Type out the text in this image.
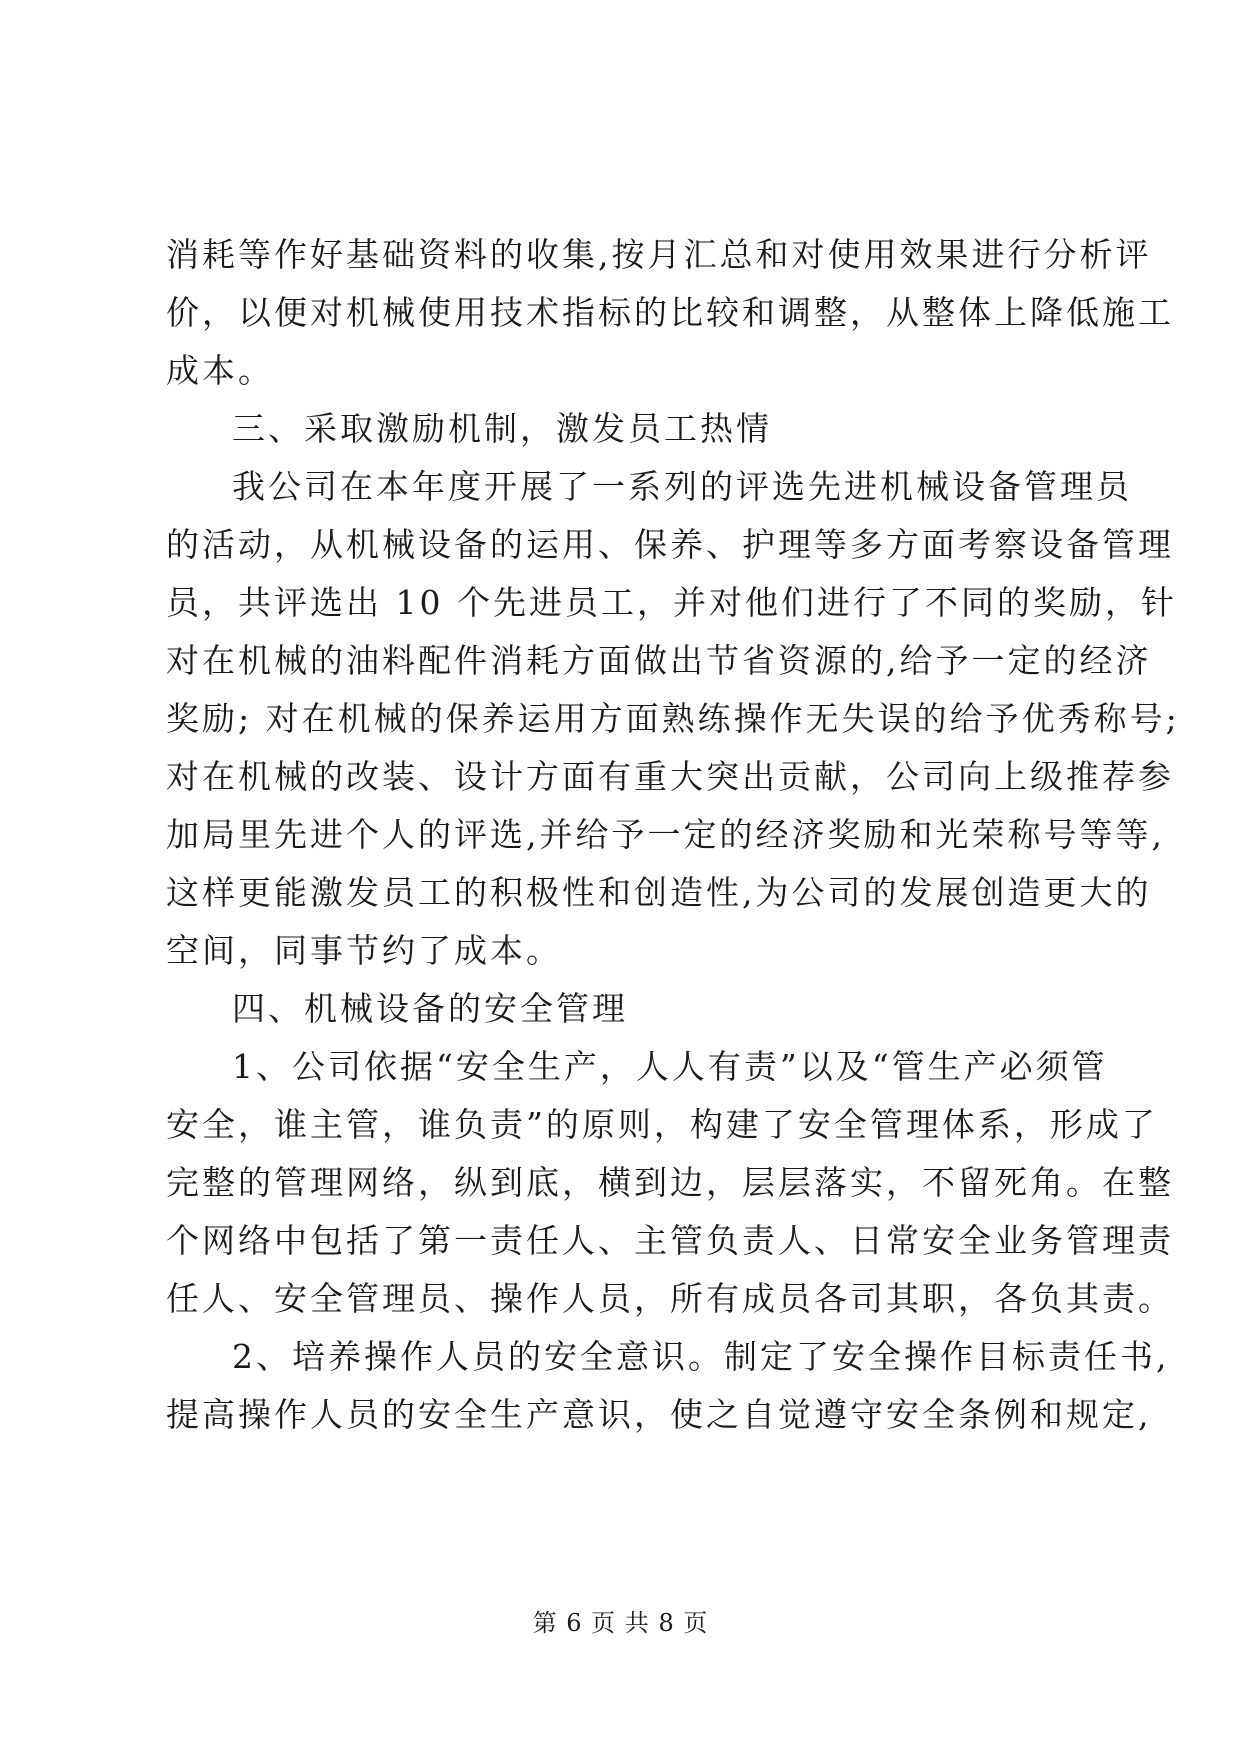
消耗等作好基础资料的收集,按月汇总和对使用效果进行分析评
价，以便对机械使用技术指标的比较和调整，从整体上降低施工
成本。
三、采取激励机制，激发员工热情
我公司在本年度开展了一系列的评选先进机械设备管理员
的活动，从机械设备的运用、保养、护理等多方面考察设备管理
员，共评选出 10 个先进员工，并对他们进行了不同的奖励，针
对在机械的油料配件消耗方面做出节省资源的,给予一定的经济
奖励; 对在机械的保养运用方面熟练操作无失误的给予优秀称号;
对在机械的改装、设计方面有重大突出贡献，公司向上级推荐参
加局里先进个人的评选,并给予一定的经济奖励和光荣称号等等,
这样更能激发员工的积极性和创造性,为公司的发展创造更大的
空间，同事节约了成本。
四、机械设备的安全管理
1、公司依据“安全生产，人人有责”以及“管生产必须管
安全，谁主管，谁负责”的原则，构建了安全管理体系，形成了
完整的管理网络，纵到底，横到边，层层落实，不留死角。在整
个网络中包括了第一责任人、主管负责人、日常安全业务管理责
任人、安全管理员、操作人员，所有成员各司其职，各负其责。
2、培养操作人员的安全意识。制定了安全操作目标责任书,
提高操作人员的安全生产意识，使之自觉遵守安全条例和规定,
第 6 页 共 8 页
